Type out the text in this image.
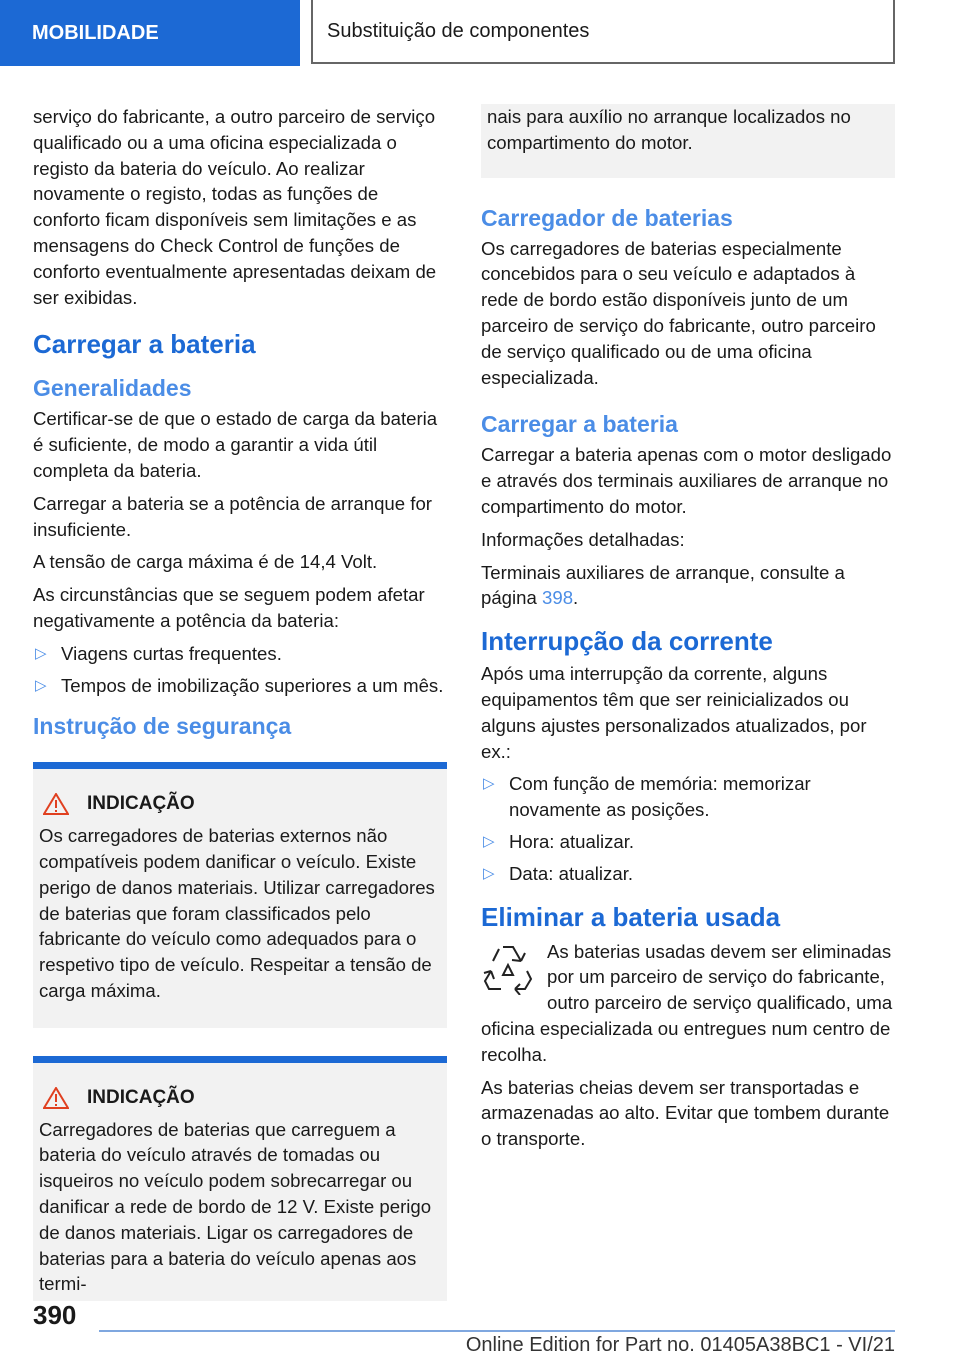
MOBILIDADE	Substituição de componentes

serviço do fabricante, a outro parceiro de serviço qualificado ou a uma oficina especializada o registo da bateria do veículo. Ao realizar novamente o registo, todas as funções de conforto ficam disponíveis sem limitações e as mensagens do Check Control de funções de conforto eventualmente apresentadas deixam de ser exibidas.

Carregar a bateria
Generalidades

Certificar-se de que o estado de carga da bateria é suficiente, de modo a garantir a vida útil completa da bateria.

Carregar a bateria se a potência de arranque for insuficiente.

A tensão de carga máxima é de 14,4 Volt.

As circunstâncias que se seguem podem afetar negativamente a potência da bateria:

▷ Viagens curtas frequentes.
▷ Tempos de imobilização superiores a um mês.
Instrução de segurança
INDICAÇÃO

Os carregadores de baterias externos não compatíveis podem danificar o veículo. Existe perigo de danos materiais. Utilizar carregadores de baterias que foram classificados pelo fabricante do veículo como adequados para o respetivo tipo de veículo. Respeitar a tensão de carga máxima.

INDICAÇÃO

Carregadores de baterias que carreguem a bateria do veículo através de tomadas ou isqueiros no veículo podem sobrecarregar ou danificar a rede de bordo de 12 V. Existe perigo de danos materiais. Ligar os carregadores de baterias para a bateria do veículo apenas aos termi-

nais para auxílio no arranque localizados no compartimento do motor.

Carregador de baterias

Os carregadores de baterias especialmente concebidos para o seu veículo e adaptados à rede de bordo estão disponíveis junto de um parceiro de serviço do fabricante, outro parceiro de serviço qualificado ou de uma oficina especializada.

Carregar a bateria

Carregar a bateria apenas com o motor desligado e através dos terminais auxiliares de arranque no compartimento do motor.

Informações detalhadas:

Terminais auxiliares de arranque, consulte a página 398.

Interrupção da corrente

Após uma interrupção da corrente, alguns equipamentos têm que ser reinicializados ou alguns ajustes personalizados atualizados, por ex.:

▷ Com função de memória: memorizar novamente as posições.
▷ Hora: atualizar.
▷ Data: atualizar.
Eliminar a bateria usada

As baterias usadas devem ser eliminadas por um parceiro de serviço do fabricante, outro parceiro de serviço qualificado, uma oficina especializada ou entregues num centro de recolha.

As baterias cheias devem ser transportadas e armazenadas ao alto. Evitar que tombem durante o transporte.

390
Online Edition for Part no. 01405A38BC1 - VI/21
